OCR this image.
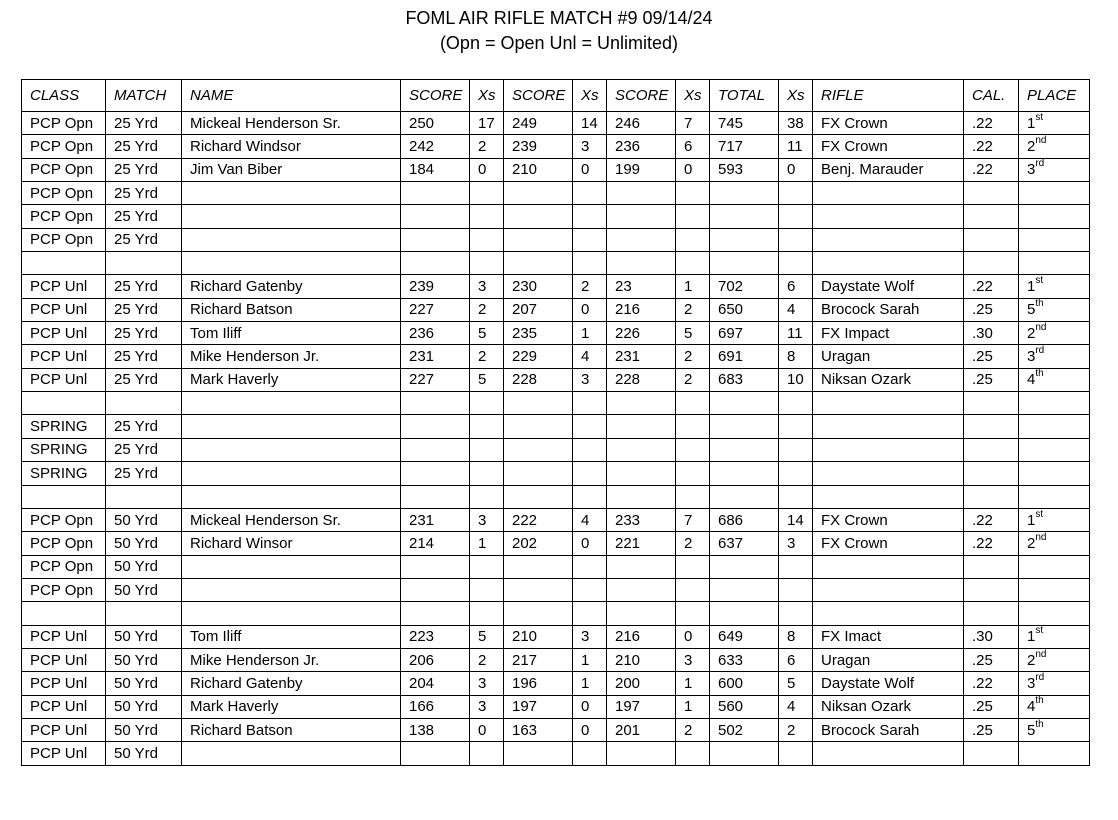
FOML AIR RIFLE MATCH #9 09/14/24
(Opn = Open Unl = Unlimited)
CLASS	MATCH	NAME	SCORE	Xs	SCORE	Xs	SCORE	Xs	TOTAL	Xs	RIFLE	CAL.	PLACE
PCP Opn	25 Yrd	Mickeal Henderson Sr.	250	17	249	14	246	7	745	38	FX Crown	.22	1st
PCP Opn	25 Yrd	Richard Windsor	242	2	239	3	236	6	717	11	FX Crown	.22	2nd
PCP Opn	25 Yrd	Jim Van Biber	184	0	210	0	199	0	593	0	Benj. Marauder	.22	3rd
PCP Opn	25 Yrd												
PCP Opn	25 Yrd												
PCP Opn	25 Yrd												

PCP Unl	25 Yrd	Richard Gatenby	239	3	230	2	23	1	702	6	Daystate Wolf	.22	1st
PCP Unl	25 Yrd	Richard Batson	227	2	207	0	216	2	650	4	Brocock Sarah	.25	5th
PCP Unl	25 Yrd	Tom Iliff	236	5	235	1	226	5	697	11	FX Impact	.30	2nd
PCP Unl	25 Yrd	Mike Henderson Jr.	231	2	229	4	231	2	691	8	Uragan	.25	3rd
PCP Unl	25 Yrd	Mark Haverly	227	5	228	3	228	2	683	10	Niksan Ozark	.25	4th

SPRING	25 Yrd												
SPRING	25 Yrd												
SPRING	25 Yrd												

PCP Opn	50 Yrd	Mickeal Henderson Sr.	231	3	222	4	233	7	686	14	FX Crown	.22	1st
PCP Opn	50 Yrd	Richard Winsor	214	1	202	0	221	2	637	3	FX Crown	.22	2nd
PCP Opn	50 Yrd												
PCP Opn	50 Yrd												

PCP Unl	50 Yrd	Tom Iliff	223	5	210	3	216	0	649	8	FX Imact	.30	1st
PCP Unl	50 Yrd	Mike Henderson Jr.	206	2	217	1	210	3	633	6	Uragan	.25	2nd
PCP Unl	50 Yrd	Richard Gatenby	204	3	196	1	200	1	600	5	Daystate Wolf	.22	3rd
PCP Unl	50 Yrd	Mark Haverly	166	3	197	0	197	1	560	4	Niksan Ozark	.25	4th
PCP Unl	50 Yrd	Richard Batson	138	0	163	0	201	2	502	2	Brocock Sarah	.25	5th
PCP Unl	50 Yrd												
